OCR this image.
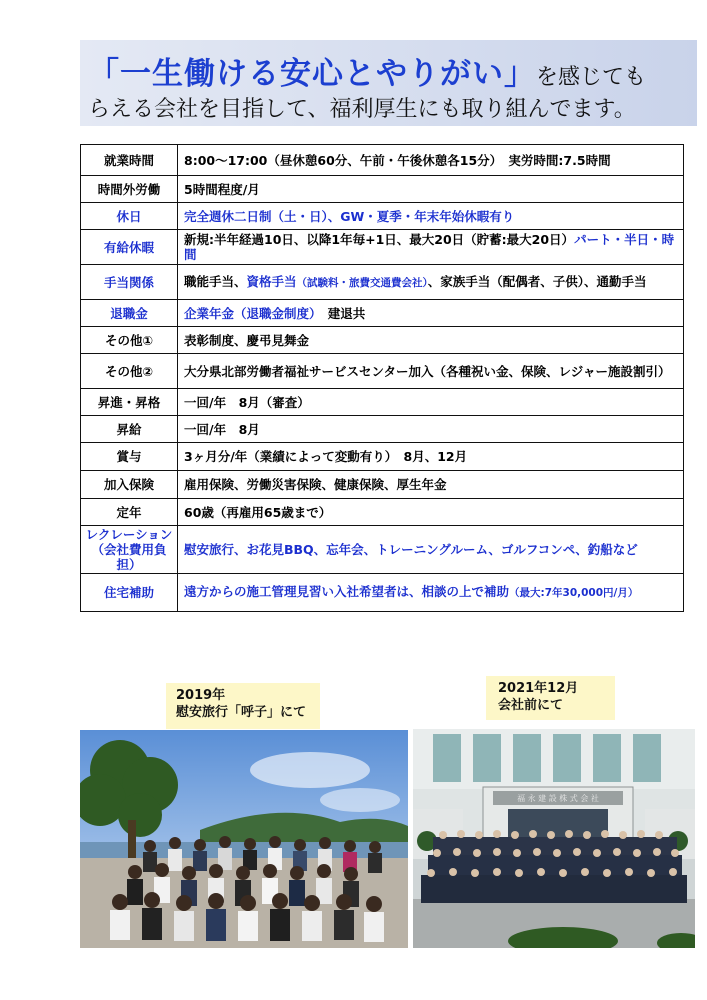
「一生働ける安心とやりがい」を感じても
らえる会社を目指して、福利厚生にも取り組んでます。
就業時間	8:00〜17:00（昼休憩60分、午前・午後休憩各15分）　実労時間:7.5時間
時間外労働	5時間程度/月
休日	完全週休二日制（土・日）、GW・夏季・年末年始休暇有り
有給休暇	新規:半年経過10日、以降1年毎+1日、最大20日（貯蓄:最大20日）パート・半日・時間
手当関係	職能手当、資格手当（試験料・旅費交通費会社）、家族手当（配偶者、子供）、通勤手当
退職金	企業年金（退職金制度）　建退共
その他①	表彰制度、慶弔見舞金
その他②	大分県北部労働者福祉サービスセンター加入（各種祝い金、保険、レジャー施設割引）
昇進・昇格	一回/年　8月（審査）
昇給	一回/年　8月
賞与	3ヶ月分/年（業績によって変動有り）　8月、12月
加入保険	雇用保険、労働災害保険、健康保険、厚生年金
定年	60歳（再雇用65歳まで）
レクレーション（会社費用負担）	慰安旅行、お花見BBQ、忘年会、トレーニングルーム、ゴルフコンペ、釣船など
住宅補助	遠方からの施工管理見習い入社希望者は、相談の上で補助（最大:7年30,000円/月）
2019年
慰安旅行「呼子」にて
2021年12月
会社前にて
福 永 建 設 株 式 会 社
